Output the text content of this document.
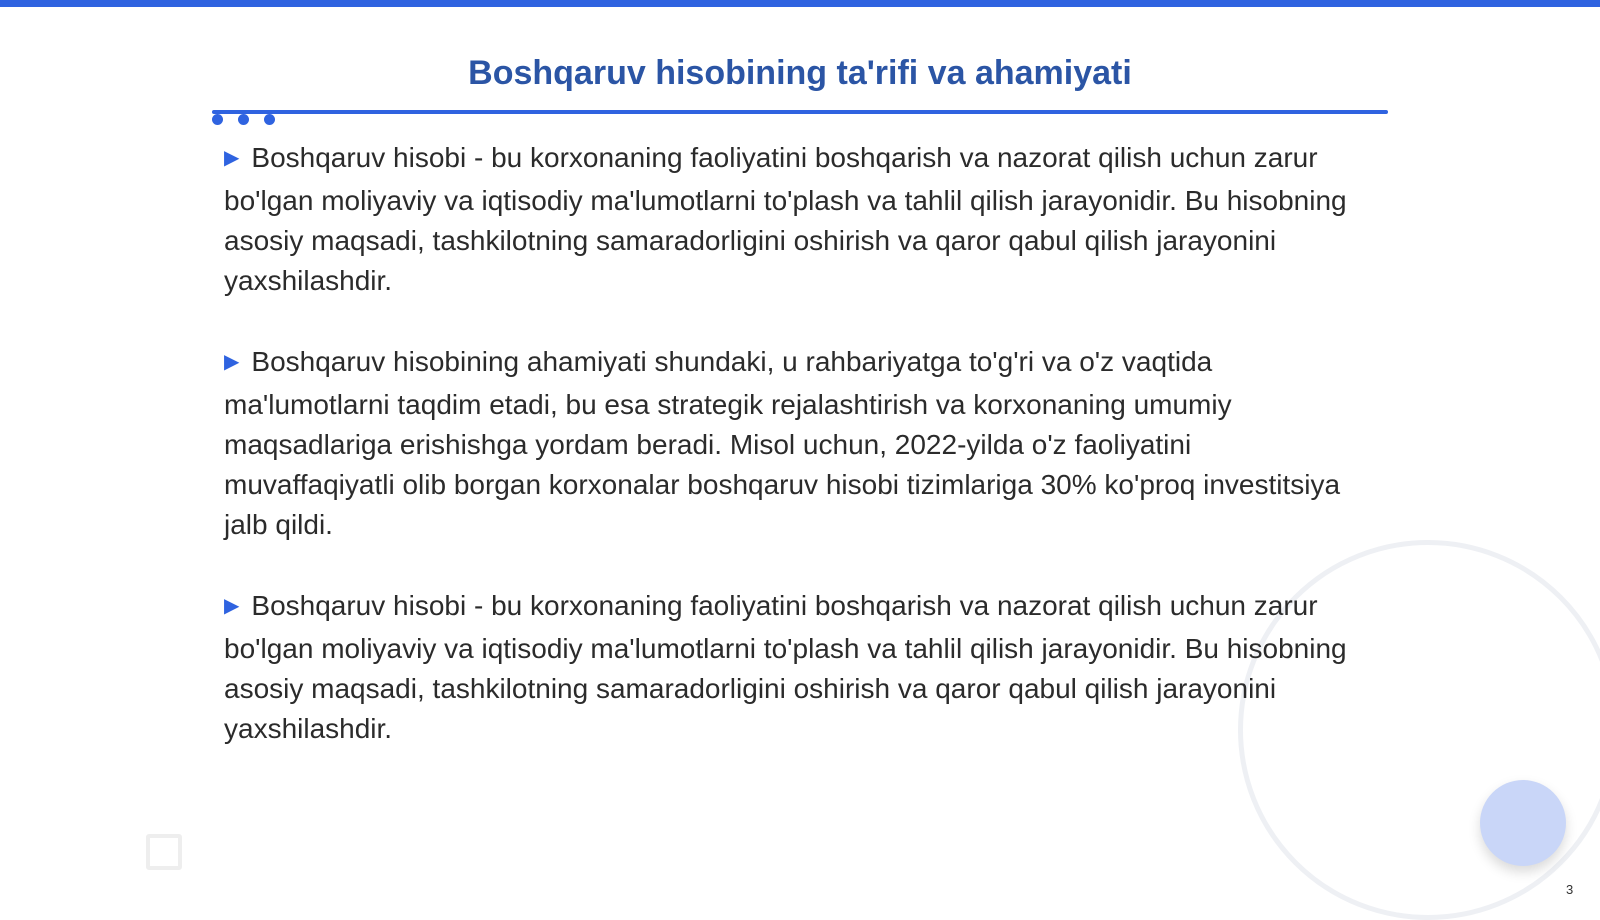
Boshqaruv hisobining ta'rifi va ahamiyati
▶ Boshqaruv hisobi - bu korxonaning faoliyatini boshqarish va nazorat qilish uchun zarur bo'lgan moliyaviy va iqtisodiy ma'lumotlarni to'plash va tahlil qilish jarayonidir. Bu hisobning asosiy maqsadi, tashkilotning samaradorligini oshirish va qaror qabul qilish jarayonini yaxshilashdir.
▶ Boshqaruv hisobining ahamiyati shundaki, u rahbariyatga to'g'ri va o'z vaqtida ma'lumotlarni taqdim etadi, bu esa strategik rejalashtirish va korxonaning umumiy maqsadlariga erishishga yordam beradi. Misol uchun, 2022-yilda o'z faoliyatini muvaffaqiyatli olib borgan korxonalar boshqaruv hisobi tizimlariga 30% ko'proq investitsiya jalb qildi.
▶ Boshqaruv hisobi - bu korxonaning faoliyatini boshqarish va nazorat qilish uchun zarur bo'lgan moliyaviy va iqtisodiy ma'lumotlarni to'plash va tahlil qilish jarayonidir. Bu hisobning asosiy maqsadi, tashkilotning samaradorligini oshirish va qaror qabul qilish jarayonini yaxshilashdir.
3
